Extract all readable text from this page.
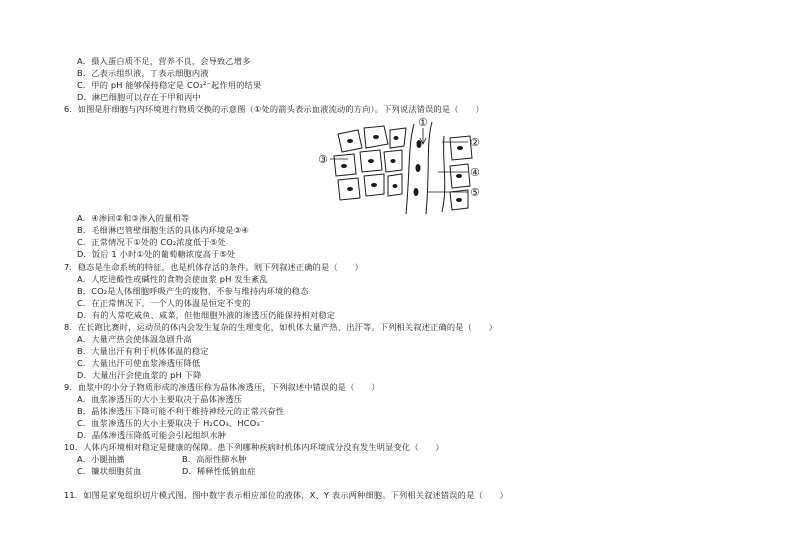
A．摄入蛋白质不足，营养不良，会导致乙增多
B．乙表示组织液，丁表示细胞内液
C．甲的 pH 能够保持稳定是 CO₃²⁻起作用的结果
D．淋巴细胞可以存在于甲和丙中
6．如图是肝细胞与内环境进行物质交换的示意图（①处的箭头表示血液流动的方向）。下列说法错误的是（　　）
①
②
③
④
⑤
A．④渗回②和③渗入的量相等
B．毛细淋巴管壁细胞生活的具体内环境是③④
C．正常情况下①处的 CO₂浓度低于⑤处
D．饭后 1 小时①处的葡萄糖浓度高于⑤处
7．稳态是生命系统的特征，也是机体存活的条件。则下列叙述正确的是（　　）
A．人吃进酸性或碱性的食物会使血浆 pH 发生紊乱
B．CO₂是人体细胞呼吸产生的废物，不参与维持内环境的稳态
C．在正常情况下，一个人的体温是恒定不变的
D．有的人常吃咸鱼、咸菜，但他细胞外液的渗透压仍能保持相对稳定
8．在长跑比赛时，运动员的体内会发生复杂的生理变化，如机体大量产热、出汗等。下列相关叙述正确的是（　　）
A．大量产热会使体温急剧升高
B．大量出汗有利于机体体温的稳定
C．大量出汗可使血浆渗透压降低
D．大量出汗会使血浆的 pH 下降
9．血浆中的小分子物质形成的渗透压称为晶体渗透压，下列叙述中错误的是（　　）
A．血浆渗透压的大小主要取决于晶体渗透压
B．晶体渗透压下降可能不利于维持神经元的正常兴奋性
C．血浆渗透压的大小主要取决于 H₂CO₃、HCO₃⁻
D．晶体渗透压降低可能会引起组织水肿
10．人体内环境相对稳定是健康的保障。患下列哪种疾病时机体内环境成分没有发生明显变化（　　）
A．小腿抽搐	B．高原性肺水肿
C．镰状细胞贫血	D．稀释性低钠血症
11．如图是家兔组织切片模式图，图中数字表示相应部位的液体，X、Y 表示两种细胞。下列相关叙述错误的是（　　）
